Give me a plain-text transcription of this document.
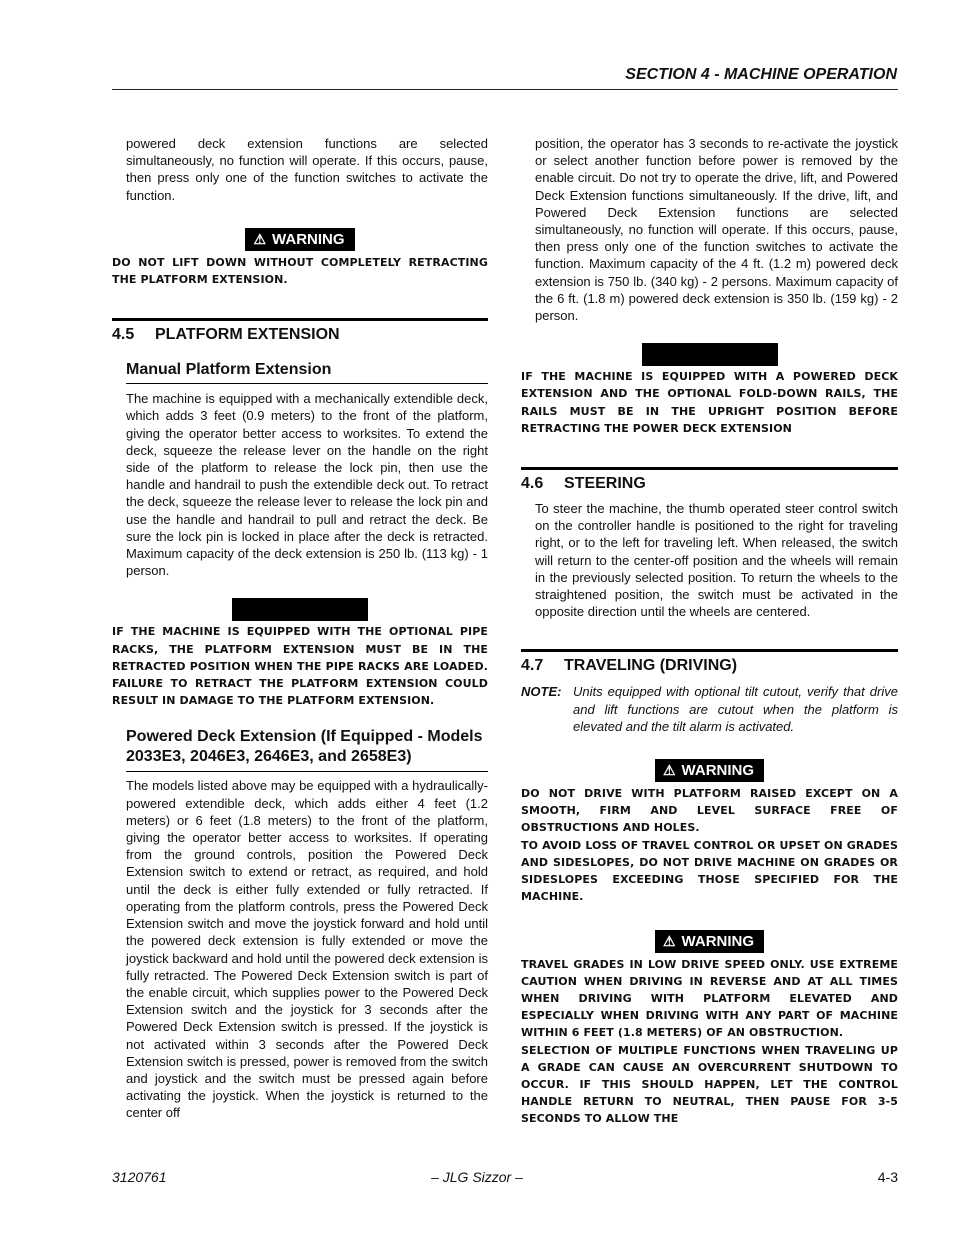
SECTION 4 - MACHINE OPERATION

powered deck extension functions are selected simultaneously, no function will operate. If this occurs, pause, then press only one of the function switches to activate the function.

⚠ WARNING

DO NOT LIFT DOWN WITHOUT COMPLETELY RETRACTING THE PLATFORM EXTENSION.

4.5 PLATFORM EXTENSION
Manual Platform Extension

The machine is equipped with a mechanically extendible deck, which adds 3 feet (0.9 meters) to the front of the platform, giving the operator better access to worksites. To extend the deck, squeeze the release lever on the handle on the right side of the platform to release the lock pin, then use the handle and handrail to push the extendible deck out. To retract the deck, squeeze the release lever to release the lock pin and use the handle and handrail to pull and retract the deck. Be sure the lock pin is locked in place after the deck is retracted. Maximum capacity of the deck extension is 250 lb. (113 kg) - 1 person.

IF THE MACHINE IS EQUIPPED WITH THE OPTIONAL PIPE RACKS, THE PLATFORM EXTENSION MUST BE IN THE RETRACTED POSITION WHEN THE PIPE RACKS ARE LOADED. FAILURE TO RETRACT THE PLATFORM EXTENSION COULD RESULT IN DAMAGE TO THE PLATFORM EXTENSION.

Powered Deck Extension (If Equipped - Models 2033E3, 2046E3, 2646E3, and 2658E3)

The models listed above may be equipped with a hydraulically-powered extendible deck, which adds either 4 feet (1.2 meters) or 6 feet (1.8 meters) to the front of the platform, giving the operator better access to worksites. If operating from the ground controls, position the Powered Deck Extension switch to extend or retract, as required, and hold until the deck is either fully extended or fully retracted. If operating from the platform controls, press the Powered Deck Extension switch and move the joystick forward and hold until the powered deck extension is fully extended or move the joystick backward and hold until the powered deck extension is fully retracted. The Powered Deck Extension switch is part of the enable circuit, which supplies power to the Powered Deck Extension switch and the joystick for 3 seconds after the Powered Deck Extension switch is pressed. If the joystick is not activated within 3 seconds after the Powered Deck Extension switch is pressed, power is removed from the switch and joystick and the switch must be pressed again before activating the joystick. When the joystick is returned to the center off

position, the operator has 3 seconds to re-activate the joystick or select another function before power is removed by the enable circuit. Do not try to operate the drive, lift, and Powered Deck Extension functions simultaneously. If the drive, lift, and Powered Deck Extension functions are selected simultaneously, no function will operate. If this occurs, pause, then press only one of the function switches to activate the function. Maximum capacity of the 4 ft. (1.2 m) powered deck extension is 750 lb. (340 kg) - 2 persons. Maximum capacity of the 6 ft. (1.8 m) powered deck extension is 350 lb. (159 kg) - 2 person.

IF THE MACHINE IS EQUIPPED WITH A POWERED DECK EXTENSION AND THE OPTIONAL FOLD-DOWN RAILS, THE RAILS MUST BE IN THE UPRIGHT POSITION BEFORE RETRACTING THE POWER DECK EXTENSION

4.6 STEERING

To steer the machine, the thumb operated steer control switch on the controller handle is positioned to the right for traveling right, or to the left for traveling left. When released, the switch will return to the center-off position and the wheels will remain in the previously selected position. To return the wheels to the straightened position, the switch must be activated in the opposite direction until the wheels are centered.

4.7 TRAVELING (DRIVING)
NOTE: Units equipped with optional tilt cutout, verify that drive and lift functions are cutout when the platform is elevated and the tilt alarm is activated.
⚠ WARNING

DO NOT DRIVE WITH PLATFORM RAISED EXCEPT ON A SMOOTH, FIRM AND LEVEL SURFACE FREE OF OBSTRUCTIONS AND HOLES.

TO AVOID LOSS OF TRAVEL CONTROL OR UPSET ON GRADES AND SIDESLOPES, DO NOT DRIVE MACHINE ON GRADES OR SIDESLOPES EXCEEDING THOSE SPECIFIED FOR THE MACHINE.

⚠ WARNING

TRAVEL GRADES IN LOW DRIVE SPEED ONLY. USE EXTREME CAUTION WHEN DRIVING IN REVERSE AND AT ALL TIMES WHEN DRIVING WITH PLATFORM ELEVATED AND ESPECIALLY WHEN DRIVING WITH ANY PART OF MACHINE WITHIN 6 FEET (1.8 METERS) OF AN OBSTRUCTION.

SELECTION OF MULTIPLE FUNCTIONS WHEN TRAVELING UP A GRADE CAN CAUSE AN OVERCURRENT SHUTDOWN TO OCCUR. IF THIS SHOULD HAPPEN, LET THE CONTROL HANDLE RETURN TO NEUTRAL, THEN PAUSE FOR 3-5 SECONDS TO ALLOW THE

3120761	– JLG Sizzor –	4-3
